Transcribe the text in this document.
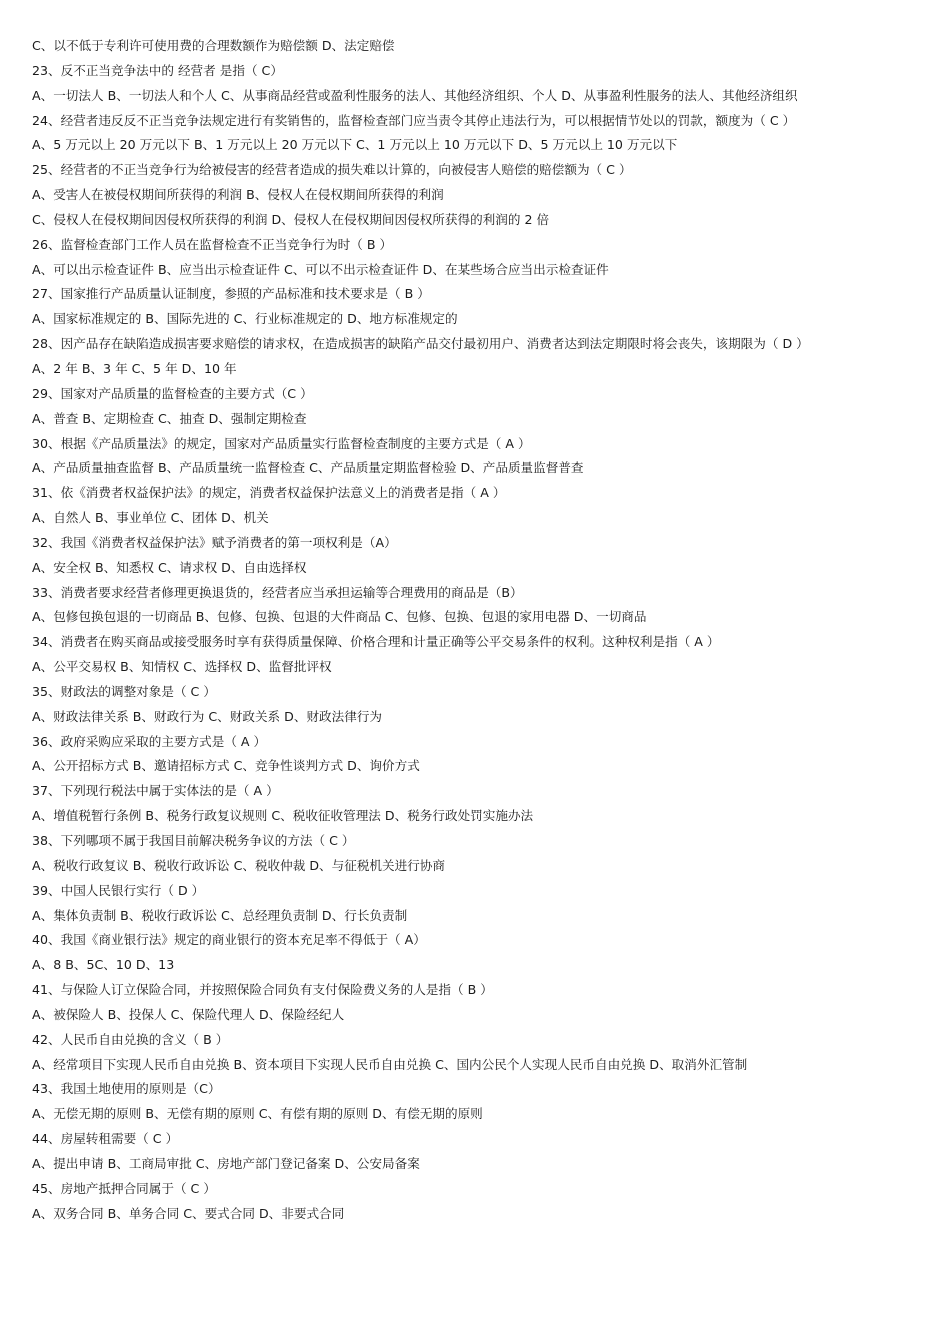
C、以不低于专利许可使用费的合理数额作为赔偿额 D、法定赔偿
23、反不正当竞争法中的 经营者 是指（ C）
A、一切法人 B、一切法人和个人 C、从事商品经营或盈利性服务的法人、其他经济组织、个人 D、从事盈利性服务的法人、其他经济组织
24、经营者违反反不正当竞争法规定进行有奖销售的，监督检查部门应当责令其停止违法行为，可以根据情节处以的罚款，额度为（ C ）
A、5 万元以上 20 万元以下 B、1 万元以上 20 万元以下 C、1 万元以上 10 万元以下 D、5 万元以上 10 万元以下
25、经营者的不正当竞争行为给被侵害的经营者造成的损失难以计算的，向被侵害人赔偿的赔偿额为（ C ）
A、受害人在被侵权期间所获得的利润 B、侵权人在侵权期间所获得的利润
C、侵权人在侵权期间因侵权所获得的利润 D、侵权人在侵权期间因侵权所获得的利润的 2 倍
26、监督检查部门工作人员在监督检查不正当竞争行为时（ B ）
A、可以出示检查证件 B、应当出示检查证件 C、可以不出示检查证件 D、在某些场合应当出示检查证件
27、国家推行产品质量认证制度，参照的产品标准和技术要求是（ B ）
A、国家标准规定的 B、国际先进的 C、行业标准规定的 D、地方标准规定的
28、因产品存在缺陷造成损害要求赔偿的请求权，在造成损害的缺陷产品交付最初用户、消费者达到法定期限时将会丧失，该期限为（ D ）
A、2 年 B、3 年 C、5 年 D、10 年
29、国家对产品质量的监督检查的主要方式（C ）
A、普查 B、定期检查 C、抽查 D、强制定期检查
30、根据《产品质量法》的规定，国家对产品质量实行监督检查制度的主要方式是（ A ）
A、产品质量抽查监督 B、产品质量统一监督检查 C、产品质量定期监督检验 D、产品质量监督普查
31、依《消费者权益保护法》的规定，消费者权益保护法意义上的消费者是指（ A ）
A、自然人 B、事业单位 C、团体 D、机关
32、我国《消费者权益保护法》赋予消费者的第一项权利是（A）
A、安全权 B、知悉权 C、请求权 D、自由选择权
33、消费者要求经营者修理更换退货的，经营者应当承担运输等合理费用的商品是（B）
A、包修包换包退的一切商品 B、包修、包换、包退的大件商品 C、包修、包换、包退的家用电器 D、一切商品
34、消费者在购买商品或接受服务时享有获得质量保障、价格合理和计量正确等公平交易条件的权利。这种权利是指（ A ）
A、公平交易权 B、知情权 C、选择权 D、监督批评权
35、财政法的调整对象是（ C ）
A、财政法律关系 B、财政行为 C、财政关系 D、财政法律行为
36、政府采购应采取的主要方式是（ A ）
A、公开招标方式 B、邀请招标方式 C、竞争性谈判方式 D、询价方式
37、下列现行税法中属于实体法的是（ A ）
A、增值税暂行条例 B、税务行政复议规则 C、税收征收管理法 D、税务行政处罚实施办法
38、下列哪项不属于我国目前解决税务争议的方法（ C ）
A、税收行政复议 B、税收行政诉讼 C、税收仲裁 D、与征税机关进行协商
39、中国人民银行实行（ D ）
A、集体负责制 B、税收行政诉讼 C、总经理负责制 D、行长负责制
40、我国《商业银行法》规定的商业银行的资本充足率不得低于（ A）
A、8 B、5C、10 D、13
41、与保险人订立保险合同，并按照保险合同负有支付保险费义务的人是指（ B ）
A、被保险人 B、投保人 C、保险代理人 D、保险经纪人
42、人民币自由兑换的含义（ B ）
A、经常项目下实现人民币自由兑换 B、资本项目下实现人民币自由兑换 C、国内公民个人实现人民币自由兑换 D、取消外汇管制
43、我国土地使用的原则是（C）
A、无偿无期的原则 B、无偿有期的原则 C、有偿有期的原则 D、有偿无期的原则
44、房屋转租需要（ C ）
A、提出申请 B、工商局审批 C、房地产部门登记备案 D、公安局备案
45、房地产抵押合同属于（ C ）
A、双务合同 B、单务合同 C、要式合同 D、非要式合同
